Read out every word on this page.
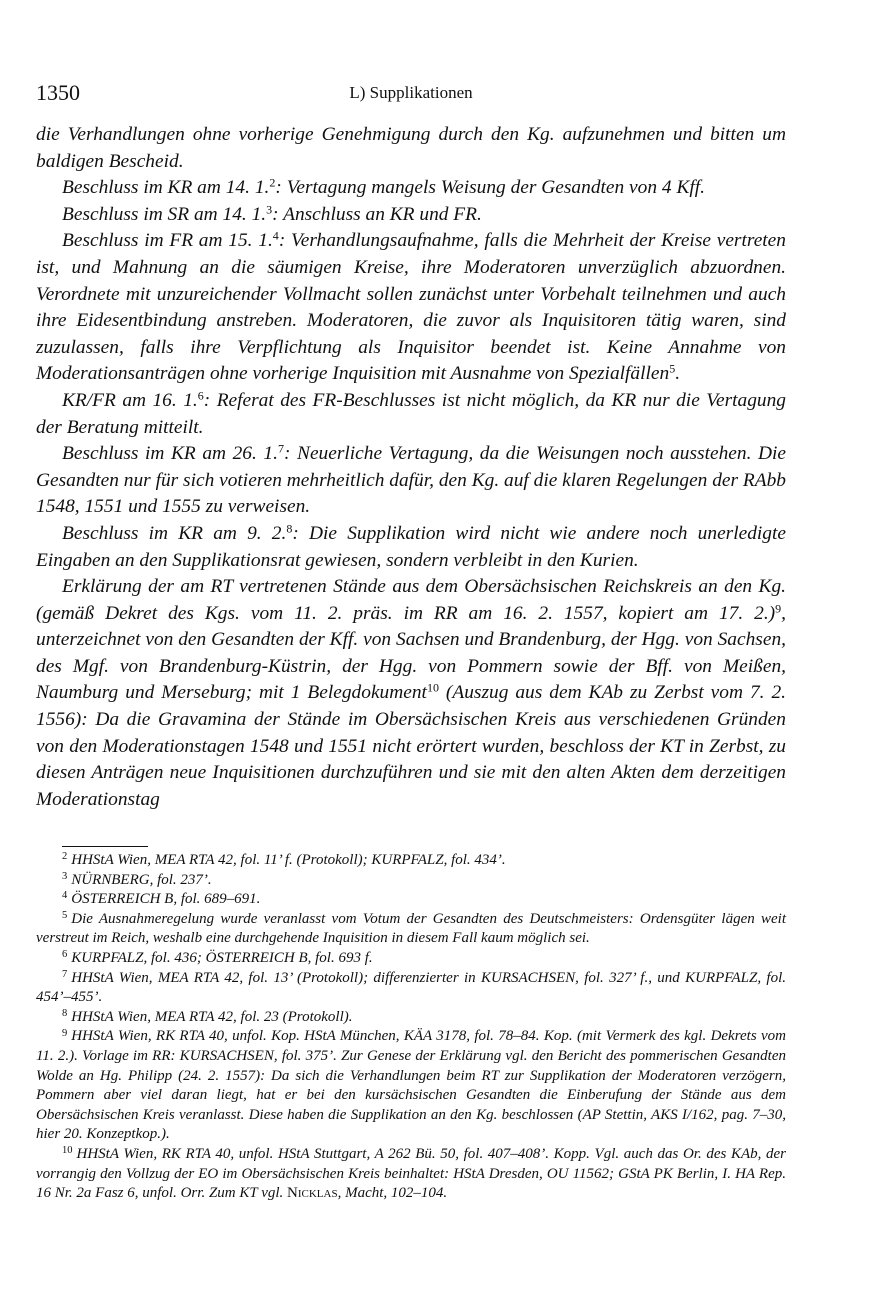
1350	L) Supplikationen

die Verhandlungen ohne vorherige Genehmigung durch den Kg. aufzunehmen und bitten um baldigen Bescheid.

Beschluss im KR am 14. 1.$^2$: Vertagung mangels Weisung der Gesandten von 4 Kff.

Beschluss im SR am 14. 1.$^3$: Anschluss an KR und FR.

Beschluss im FR am 15. 1.$^4$: Verhandlungsaufnahme, falls die Mehrheit der Kreise vertreten ist, und Mahnung an die säumigen Kreise, ihre Moderatoren unverzüglich abzuordnen. Verordnete mit unzureichender Vollmacht sollen zunächst unter Vorbehalt teilnehmen und auch ihre Eidesentbindung anstreben. Moderatoren, die zuvor als Inquisitoren tätig waren, sind zuzulassen, falls ihre Verpflichtung als Inquisitor beendet ist. Keine Annahme von Moderationsanträgen ohne vorherige Inquisition mit Ausnahme von Spezialfällen$^5$.

KR/FR am 16. 1.$^6$: Referat des FR-Beschlusses ist nicht möglich, da KR nur die Vertagung der Beratung mitteilt.

Beschluss im KR am 26. 1.$^7$: Neuerliche Vertagung, da die Weisungen noch ausstehen. Die Gesandten nur für sich votieren mehrheitlich dafür, den Kg. auf die klaren Regelungen der RAbb 1548, 1551 und 1555 zu verweisen.

Beschluss im KR am 9. 2.$^8$: Die Supplikation wird nicht wie andere noch unerledigte Eingaben an den Supplikationsrat gewiesen, sondern verbleibt in den Kurien.

Erklärung der am RT vertretenen Stände aus dem Obersächsischen Reichskreis an den Kg. (gemäß Dekret des Kgs. vom 11. 2. präs. im RR am 16. 2. 1557, kopiert am 17. 2.)$^9$, unterzeichnet von den Gesandten der Kff. von Sachsen und Brandenburg, der Hgg. von Sachsen, des Mgf. von Brandenburg-Küstrin, der Hgg. von Pommern sowie der Bff. von Meißen, Naumburg und Merseburg; mit 1 Belegdokument$^{10}$ (Auszug aus dem KAb zu Zerbst vom 7. 2. 1556): Da die Gravamina der Stände im Obersächsischen Kreis aus verschiedenen Gründen von den Moderationstagen 1548 und 1551 nicht erörtert wurden, beschloss der KT in Zerbst, zu diesen Anträgen neue Inquisitionen durchzuführen und sie mit den alten Akten dem derzeitigen Moderationstag

$^2$ HHStA Wien, MEA RTA 42, fol. 11’ f. (Protokoll); KURPFALZ, fol. 434’.

$^3$ NÜRNBERG, fol. 237’.

$^4$ ÖSTERREICH B, fol. 689–691.

$^5$ Die Ausnahmeregelung wurde veranlasst vom Votum der Gesandten des Deutschmeisters: Ordensgüter lägen weit verstreut im Reich, weshalb eine durchgehende Inquisition in diesem Fall kaum möglich sei.

$^6$ KURPFALZ, fol. 436; ÖSTERREICH B, fol. 693 f.

$^7$ HHStA Wien, MEA RTA 42, fol. 13’ (Protokoll); differenzierter in KURSACHSEN, fol. 327’ f., und KURPFALZ, fol. 454’–455’.

$^8$ HHStA Wien, MEA RTA 42, fol. 23 (Protokoll).

$^9$ HHStA Wien, RK RTA 40, unfol. Kop. HStA München, KÄA 3178, fol. 78–84. Kop. (mit Vermerk des kgl. Dekrets vom 11. 2.). Vorlage im RR: KURSACHSEN, fol. 375’. Zur Genese der Erklärung vgl. den Bericht des pommerischen Gesandten Wolde an Hg. Philipp (24. 2. 1557): Da sich die Verhandlungen beim RT zur Supplikation der Moderatoren verzögern, Pommern aber viel daran liegt, hat er bei den kursächsischen Gesandten die Einberufung der Stände aus dem Obersächsischen Kreis veranlasst. Diese haben die Supplikation an den Kg. beschlossen (AP Stettin, AKS I/162, pag. 7–30, hier 20. Konzeptkop.).

$^{10}$ HHStA Wien, RK RTA 40, unfol. HStA Stuttgart, A 262 Bü. 50, fol. 407–408’. Kopp. Vgl. auch das Or. des KAb, der vorrangig den Vollzug der EO im Obersächsischen Kreis beinhaltet: HStA Dresden, OU 11562; GStA PK Berlin, I. HA Rep. 16 Nr. 2a Fasz 6, unfol. Orr. Zum KT vgl. Nicklas, Macht, 102–104.
